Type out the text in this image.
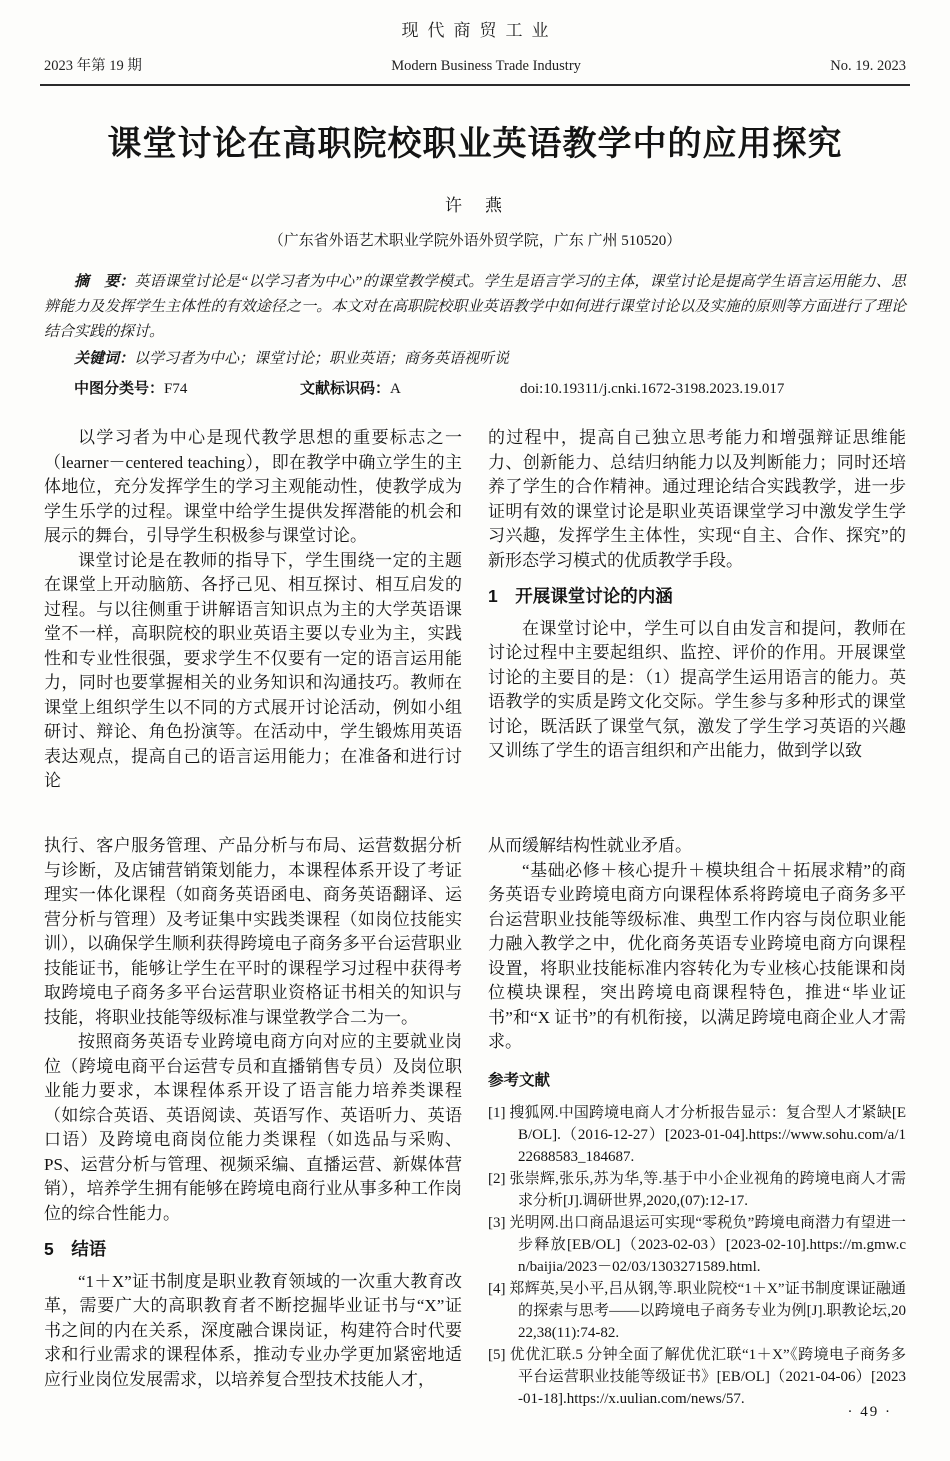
现代商贸工业
2023 年第 19 期	Modern Business Trade Industry	No. 19. 2023
课堂讨论在高职院校职业英语教学中的应用探究
许　燕
（广东省外语艺术职业学院外语外贸学院，广东 广州 510520）

摘　要：英语课堂讨论是“以学习者为中心”的课堂教学模式。学生是语言学习的主体，课堂讨论是提高学生语言运用能力、思辨能力及发挥学生主体性的有效途径之一。本文对在高职院校职业英语教学中如何进行课堂讨论以及实施的原则等方面进行了理论结合实践的探讨。

关键词：以学习者为中心；课堂讨论；职业英语；商务英语视听说

中图分类号：F74	文献标识码：A	doi:10.19311/j.cnki.1672-3198.2023.19.017

以学习者为中心是现代教学思想的重要标志之一（learner－centered teaching），即在教学中确立学生的主体地位，充分发挥学生的学习主观能动性，使教学成为学生乐学的过程。课堂中给学生提供发挥潜能的机会和展示的舞台，引导学生积极参与课堂讨论。

课堂讨论是在教师的指导下，学生围绕一定的主题在课堂上开动脑筋、各抒己见、相互探讨、相互启发的过程。与以往侧重于讲解语言知识点为主的大学英语课堂不一样，高职院校的职业英语主要以专业为主，实践性和专业性很强，要求学生不仅要有一定的语言运用能力，同时也要掌握相关的业务知识和沟通技巧。教师在课堂上组织学生以不同的方式展开讨论活动，例如小组研讨、辩论、角色扮演等。在活动中，学生锻炼用英语表达观点，提高自己的语言运用能力；在准备和进行讨论

的过程中，提高自己独立思考能力和增强辩证思维能力、创新能力、总结归纳能力以及判断能力；同时还培养了学生的合作精神。通过理论结合实践教学，进一步证明有效的课堂讨论是职业英语课堂学习中激发学生学习兴趣，发挥学生主体性，实现“自主、合作、探究”的新形态学习模式的优质教学手段。

1　开展课堂讨论的内涵

在课堂讨论中，学生可以自由发言和提问，教师在讨论过程中主要起组织、监控、评价的作用。开展课堂讨论的主要目的是：（1）提高学生运用语言的能力。英语教学的实质是跨文化交际。学生参与多种形式的课堂讨论，既活跃了课堂气氛，激发了学生学习英语的兴趣又训练了学生的语言组织和产出能力，做到学以致

执行、客户服务管理、产品分析与布局、运营数据分析与诊断，及店铺营销策划能力，本课程体系开设了考证理实一体化课程（如商务英语函电、商务英语翻译、运营分析与管理）及考证集中实践类课程（如岗位技能实训），以确保学生顺利获得跨境电子商务多平台运营职业技能证书，能够让学生在平时的课程学习过程中获得考取跨境电子商务多平台运营职业资格证书相关的知识与技能，将职业技能等级标准与课堂教学合二为一。

按照商务英语专业跨境电商方向对应的主要就业岗位（跨境电商平台运营专员和直播销售专员）及岗位职业能力要求，本课程体系开设了语言能力培养类课程（如综合英语、英语阅读、英语写作、英语听力、英语口语）及跨境电商岗位能力类课程（如选品与采购、PS、运营分析与管理、视频采编、直播运营、新媒体营销），培养学生拥有能够在跨境电商行业从事多种工作岗位的综合性能力。

5　结语

“1＋X”证书制度是职业教育领域的一次重大教育改革，需要广大的高职教育者不断挖掘毕业证书与“X”证书之间的内在关系，深度融合课岗证，构建符合时代要求和行业需求的课程体系，推动专业办学更加紧密地适应行业岗位发展需求，以培养复合型技术技能人才，

从而缓解结构性就业矛盾。

“基础必修＋核心提升＋模块组合＋拓展求精”的商务英语专业跨境电商方向课程体系将跨境电子商务多平台运营职业技能等级标准、典型工作内容与岗位职业能力融入教学之中，优化商务英语专业跨境电商方向课程设置，将职业技能标准内容转化为专业核心技能课和岗位模块课程，突出跨境电商课程特色，推进“毕业证书”和“X 证书”的有机衔接，以满足跨境电商企业人才需求。

参考文献

[1] 搜狐网.中国跨境电商人才分析报告显示：复合型人才紧缺[EB/OL].（2016-12-27）[2023-01-04].https://www.sohu.com/a/122688583_184687.

[2] 张崇辉,张乐,苏为华,等.基于中小企业视角的跨境电商人才需求分析[J].调研世界,2020,(07):12-17.

[3] 光明网.出口商品退运可实现“零税负”跨境电商潜力有望进一步释放[EB/OL]（2023-02-03）[2023-02-10].https://m.gmw.cn/baijia/2023－02/03/1303271589.html.

[4] 郑辉英,吴小平,吕从钢,等.职业院校“1＋X”证书制度课证融通的探索与思考——以跨境电子商务专业为例[J].职教论坛,2022,38(11):74-82.

[5] 优优汇联.5 分钟全面了解优优汇联“1＋X”《跨境电子商务多平台运营职业技能等级证书》[EB/OL]（2021-04-06）[2023-01-18].https://x.uulian.com/news/57.

· 49 ·
